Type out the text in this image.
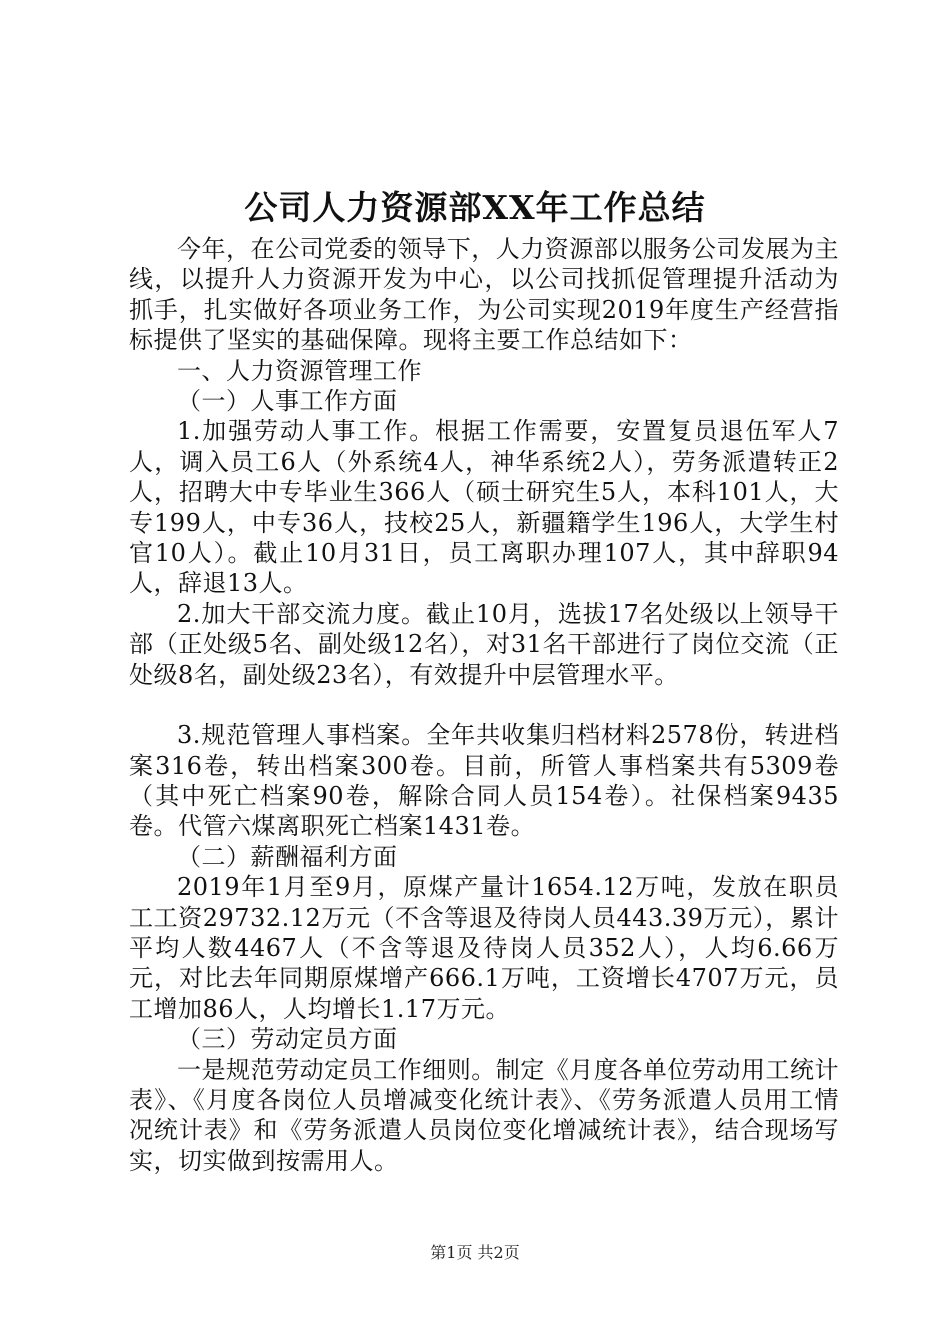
公司人力资源部XX年工作总结

今年，在公司党委的领导下，人力资源部以服务公司发展为主线，以提升人力资源开发为中心，以公司找抓促管理提升活动为抓手，扎实做好各项业务工作，为公司实现2019年度生产经营指标提供了坚实的基础保障。现将主要工作总结如下：

一、人力资源管理工作

（一）人事工作方面

1.加强劳动人事工作。根据工作需要，安置复员退伍军人7人，调入员工6人（外系统4人，神华系统2人），劳务派遣转正2人，招聘大中专毕业生366人（硕士研究生5人，本科101人，大专199人，中专36人，技校25人，新疆籍学生196人，大学生村官10人）。截止10月31日，员工离职办理107人，其中辞职94人，辞退13人。

2.加大干部交流力度。截止10月，选拔17名处级以上领导干部（正处级5名、副处级12名），对31名干部进行了岗位交流（正处级8名，副处级23名），有效提升中层管理水平。

3.规范管理人事档案。全年共收集归档材料2578份，转进档案316卷，转出档案300卷。目前，所管人事档案共有5309卷（其中死亡档案90卷，解除合同人员154卷）。社保档案9435卷。代管六煤离职死亡档案1431卷。

（二）薪酬福利方面

2019年1月至9月，原煤产量计1654.12万吨，发放在职员工工资29732.12万元（不含等退及待岗人员443.39万元），累计平均人数4467人（不含等退及待岗人员352人），人均6.66万元，对比去年同期原煤增产666.1万吨，工资增长4707万元，员工增加86人，人均增长1.17万元。

（三）劳动定员方面

一是规范劳动定员工作细则。制定《月度各单位劳动用工统计表》、《月度各岗位人员增减变化统计表》、《劳务派遣人员用工情况统计表》和《劳务派遣人员岗位变化增减统计表》，结合现场写实，切实做到按需用人。

第1页 共2页
